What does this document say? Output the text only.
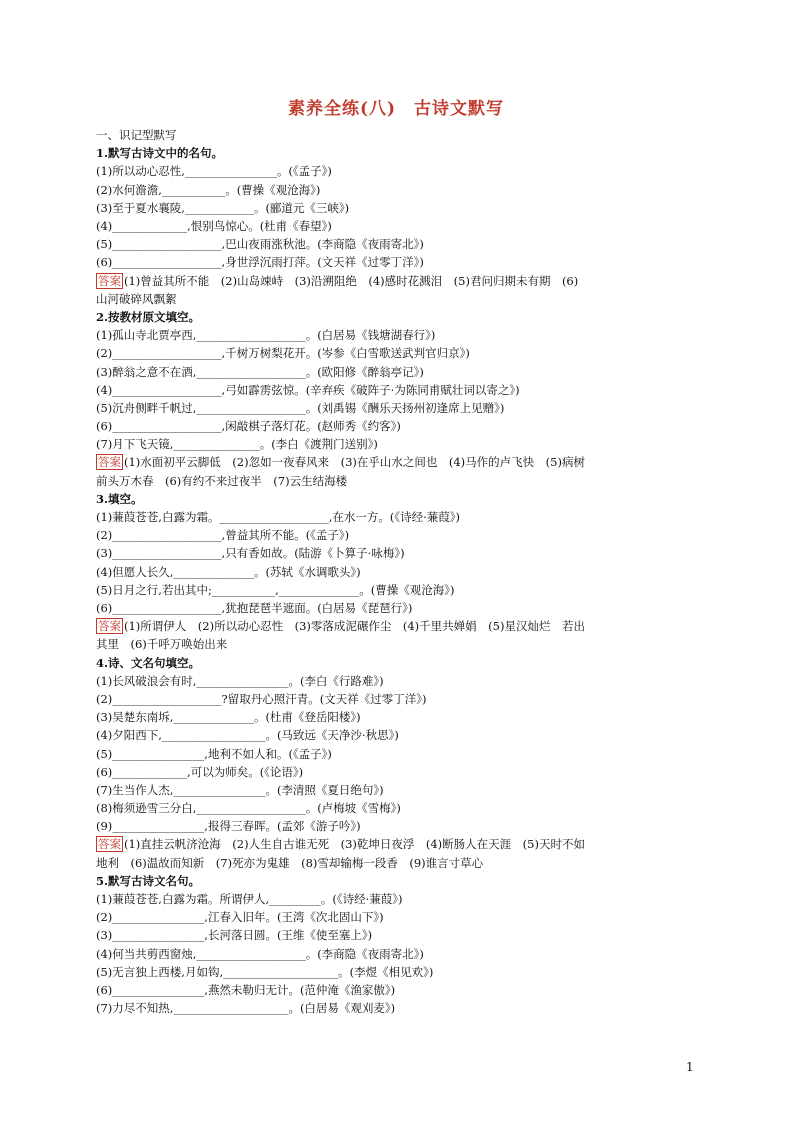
素养全练(八)　古诗文默写
一、识记型默写
1.默写古诗文中的名句。
(1)所以动心忍性,________________。(《孟子》)
(2)水何澹澹,___________。(曹操《观沧海》)
(3)至于夏水襄陵,____________。(郦道元《三峡》)
(4)_____________,恨别鸟惊心。(杜甫《春望》)
(5)___________________,巴山夜雨涨秋池。(李商隐《夜雨寄北》)
(6)___________________,身世浮沉雨打萍。(文天祥《过零丁洋》)
答案 (1)曾益其所不能　(2)山岛竦峙　(3)沿溯阻绝　(4)感时花溅泪　(5)君问归期未有期　(6)
山河破碎风飘絮
2.按教材原文填空。
(1)孤山寺北贾亭西,___________________。(白居易《钱塘湖春行》)
(2)___________________,千树万树梨花开。(岑参《白雪歌送武判官归京》)
(3)醉翁之意不在酒,___________________。(欧阳修《醉翁亭记》)
(4)___________________,弓如霹雳弦惊。(辛弃疾《破阵子·为陈同甫赋壮词以寄之》)
(5)沉舟侧畔千帆过,___________________。(刘禹锡《酬乐天扬州初逢席上见赠》)
(6)___________________,闲敲棋子落灯花。(赵师秀《约客》)
(7)月下飞天镜,_______________。(李白《渡荆门送别》)
答案 (1)水面初平云脚低　(2)忽如一夜春风来　(3)在乎山水之间也　(4)马作的卢飞快　(5)病树
前头万木春　(6)有约不来过夜半　(7)云生结海楼
3.填空。
(1)蒹葭苍苍,白露为霜。___________________,在水一方。(《诗经·蒹葭》)
(2)___________________,曾益其所不能。(《孟子》)
(3)___________________,只有香如故。(陆游《卜算子·咏梅》)
(4)但愿人长久,______________。(苏轼《水调歌头》)
(5)日月之行,若出其中;___________,______________。(曹操《观沧海》)
(6)___________________,犹抱琵琶半遮面。(白居易《琵琶行》)
答案 (1)所谓伊人　(2)所以动心忍性　(3)零落成泥碾作尘　(4)千里共婵娟　(5)星汉灿烂　若出
其里　(6)千呼万唤始出来
4.诗、文名句填空。
(1)长风破浪会有时,________________。(李白《行路难》)
(2)___________________?留取丹心照汗青。(文天祥《过零丁洋》)
(3)吴楚东南坼,______________。(杜甫《登岳阳楼》)
(4)夕阳西下,__________________。(马致远《天净沙·秋思》)
(5)________________,地利不如人和。(《孟子》)
(6)_____________,可以为师矣。(《论语》)
(7)生当作人杰,________________。(李清照《夏日绝句》)
(8)梅须逊雪三分白,___________________。(卢梅坡《雪梅》)
(9)________________,报得三春晖。(孟郊《游子吟》)
答案 (1)直挂云帆济沧海　(2)人生自古谁无死　(3)乾坤日夜浮　(4)断肠人在天涯　(5)天时不如
地利　(6)温故而知新　(7)死亦为鬼雄　(8)雪却输梅一段香　(9)谁言寸草心
5.默写古诗文名句。
(1)蒹葭苍苍,白露为霜。所谓伊人,_________。(《诗经·蒹葭》)
(2)________________,江春入旧年。(王湾《次北固山下》)
(3)________________,长河落日圆。(王维《使至塞上》)
(4)何当共剪西窗烛,___________________。(李商隐《夜雨寄北》)
(5)无言独上西楼,月如钩,____________________。(李煜《相见欢》)
(6)________________,燕然未勒归无计。(范仲淹《渔家傲》)
(7)力尽不知热,____________________。(白居易《观刈麦》)
1
